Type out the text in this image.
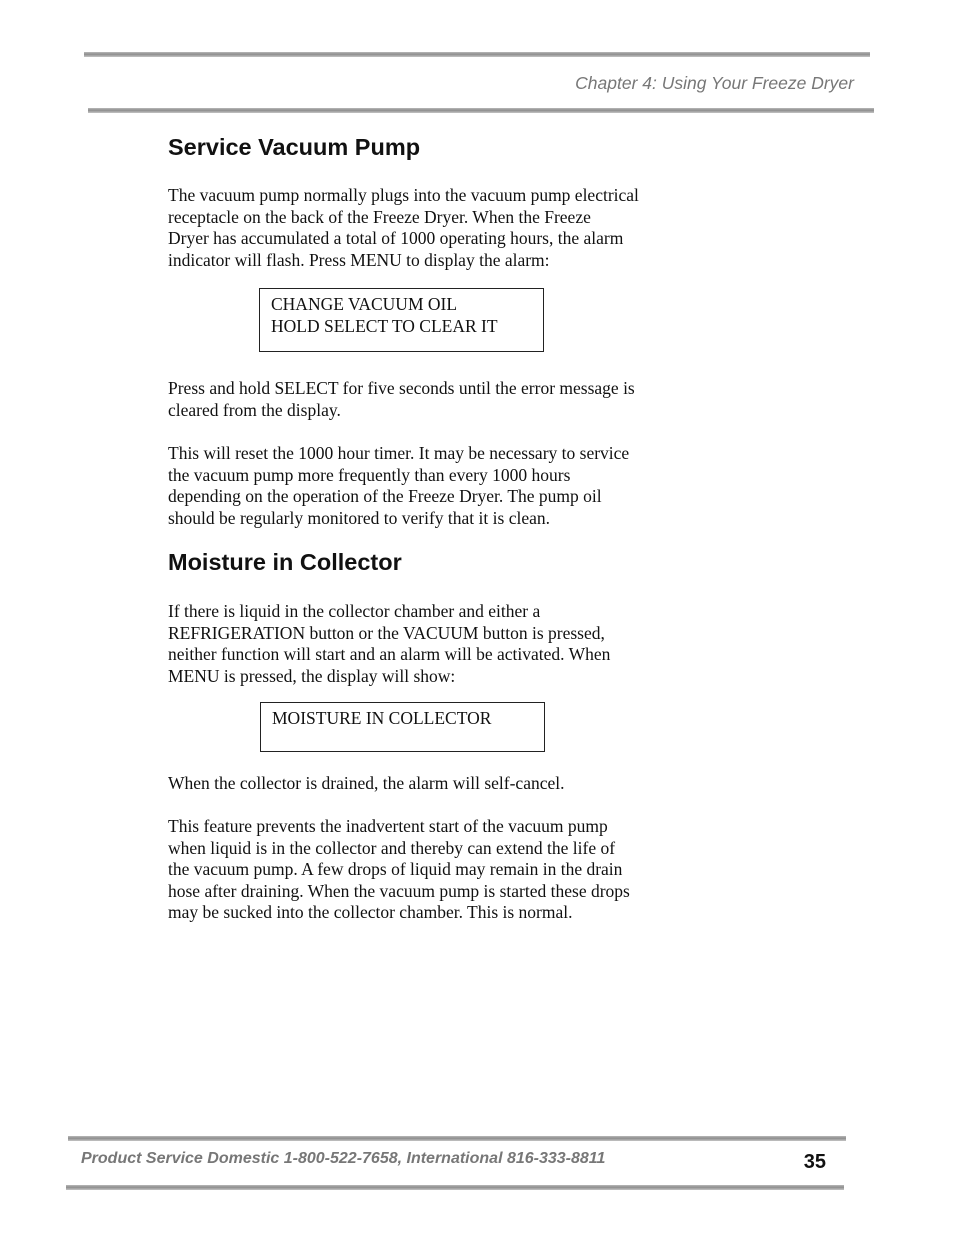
Chapter 4: Using Your Freeze Dryer
Service Vacuum Pump
The vacuum pump normally plugs into the vacuum pump electrical
receptacle on the back of the Freeze Dryer. When the Freeze
Dryer has accumulated a total of 1000 operating hours, the alarm
indicator will flash. Press MENU to display the alarm:
CHANGE VACUUM OIL
HOLD SELECT TO CLEAR IT
Press and hold SELECT for five seconds until the error message is
cleared from the display.
This will reset the 1000 hour timer. It may be necessary to service
the vacuum pump more frequently than every 1000 hours
depending on the operation of the Freeze Dryer. The pump oil
should be regularly monitored to verify that it is clean.
Moisture in Collector
If there is liquid in the collector chamber and either a
REFRIGERATION button or the VACUUM button is pressed,
neither function will start and an alarm will be activated. When
MENU is pressed, the display will show:
MOISTURE IN COLLECTOR
When the collector is drained, the alarm will self-cancel.
This feature prevents the inadvertent start of the vacuum pump
when liquid is in the collector and thereby can extend the life of
the vacuum pump. A few drops of liquid may remain in the drain
hose after draining. When the vacuum pump is started these drops
may be sucked into the collector chamber. This is normal.
Product Service Domestic 1-800-522-7658, International 816-333-8811	35
